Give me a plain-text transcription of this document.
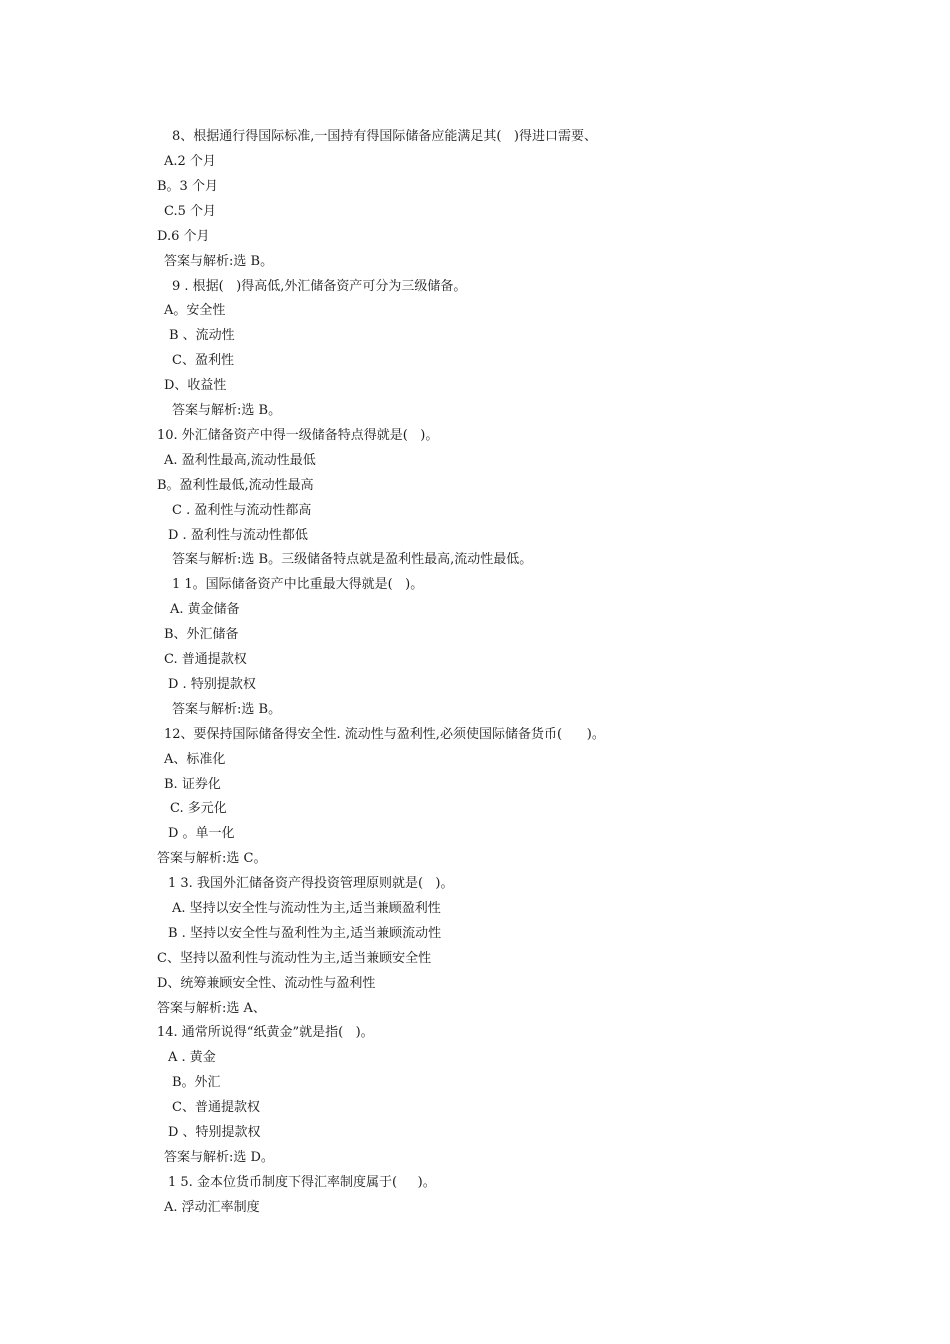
8、根据通行得国际标准,一国持有得国际储备应能满足其(   )得进口需要、
A.2 个月
B。3 个月
C.5 个月
D.6 个月
答案与解析:选 B。
9 . 根据(   )得高低,外汇储备资产可分为三级储备。
A。安全性
B 、流动性
C、盈利性
D、收益性
答案与解析:选 B。
10. 外汇储备资产中得一级储备特点得就是(   )。
A. 盈利性最高,流动性最低
B。盈利性最低,流动性最高
C . 盈利性与流动性都高
D . 盈利性与流动性都低
答案与解析:选 B。三级储备特点就是盈利性最高,流动性最低。
1 1。国际储备资产中比重最大得就是(   )。
A. 黄金储备
B、外汇储备
C. 普通提款权
D . 特别提款权
答案与解析:选 B。
12、要保持国际储备得安全性. 流动性与盈利性,必须使国际储备货币(      )。
A、标准化
B. 证券化
C. 多元化
D 。单一化
答案与解析:选 C。
1 3. 我国外汇储备资产得投资管理原则就是(   )。
A. 坚持以安全性与流动性为主,适当兼顾盈利性
B . 坚持以安全性与盈利性为主,适当兼顾流动性
C、坚持以盈利性与流动性为主,适当兼顾安全性
D、统筹兼顾安全性、流动性与盈利性
答案与解析:选 A、
14. 通常所说得“纸黄金”就是指(   )。
A . 黄金
B。外汇
C、普通提款权
D 、特别提款权
答案与解析:选 D。
1 5. 金本位货币制度下得汇率制度属于(     )。
A. 浮动汇率制度
